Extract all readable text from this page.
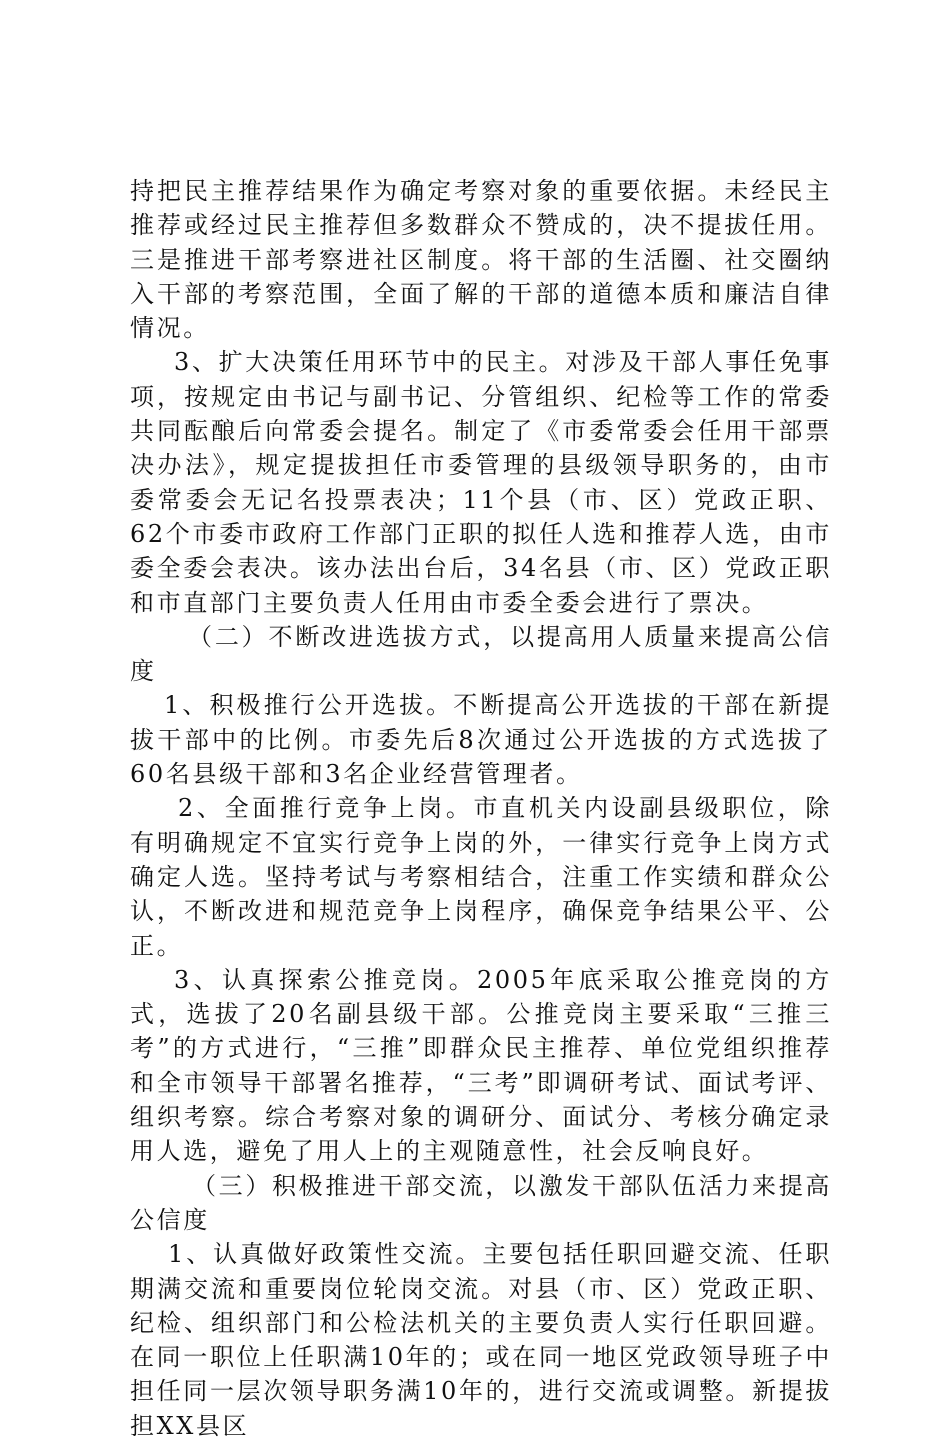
持把民主推荐结果作为确定考察对象的重要依据。未经民主推荐或经过民主推荐但多数群众不赞成的，决不提拔任用。三是推进干部考察进社区制度。将干部的生活圈、社交圈纳入干部的考察范围，全面了解的干部的道德本质和廉洁自律情况。

3、扩大决策任用环节中的民主。对涉及干部人事任免事项，按规定由书记与副书记、分管组织、纪检等工作的常委共同酝酿后向常委会提名。制定了《市委常委会任用干部票决办法》，规定提拔担任市委管理的县级领导职务的，由市委常委会无记名投票表决；11个县（市、区）党政正职、62个市委市政府工作部门正职的拟任人选和推荐人选，由市委全委会表决。该办法出台后，34名县（市、区）党政正职和市直部门主要负责人任用由市委全委会进行了票决。

（二）不断改进选拔方式，以提高用人质量来提高公信度

1、积极推行公开选拔。不断提高公开选拔的干部在新提拔干部中的比例。市委先后8次通过公开选拔的方式选拔了60名县级干部和3名企业经营管理者。

2、全面推行竞争上岗。市直机关内设副县级职位，除有明确规定不宜实行竞争上岗的外，一律实行竞争上岗方式确定人选。坚持考试与考察相结合，注重工作实绩和群众公认，不断改进和规范竞争上岗程序，确保竞争结果公平、公正。

3、认真探索公推竞岗。2005年底采取公推竞岗的方式，选拔了20名副县级干部。公推竞岗主要采取“三推三考”的方式进行，“三推”即群众民主推荐、单位党组织推荐和全市领导干部署名推荐，“三考”即调研考试、面试考评、组织考察。综合考察对象的调研分、面试分、考核分确定录用人选，避免了用人上的主观随意性，社会反响良好。

（三）积极推进干部交流，以激发干部队伍活力来提高公信度

1、认真做好政策性交流。主要包括任职回避交流、任职期满交流和重要岗位轮岗交流。对县（市、区）党政正职、纪检、组织部门和公检法机关的主要负责人实行任职回避。在同一职位上任职满10年的；或在同一地区党政领导班子中担任同一层次领导职务满10年的，进行交流或调整。新提拔担XX县区
